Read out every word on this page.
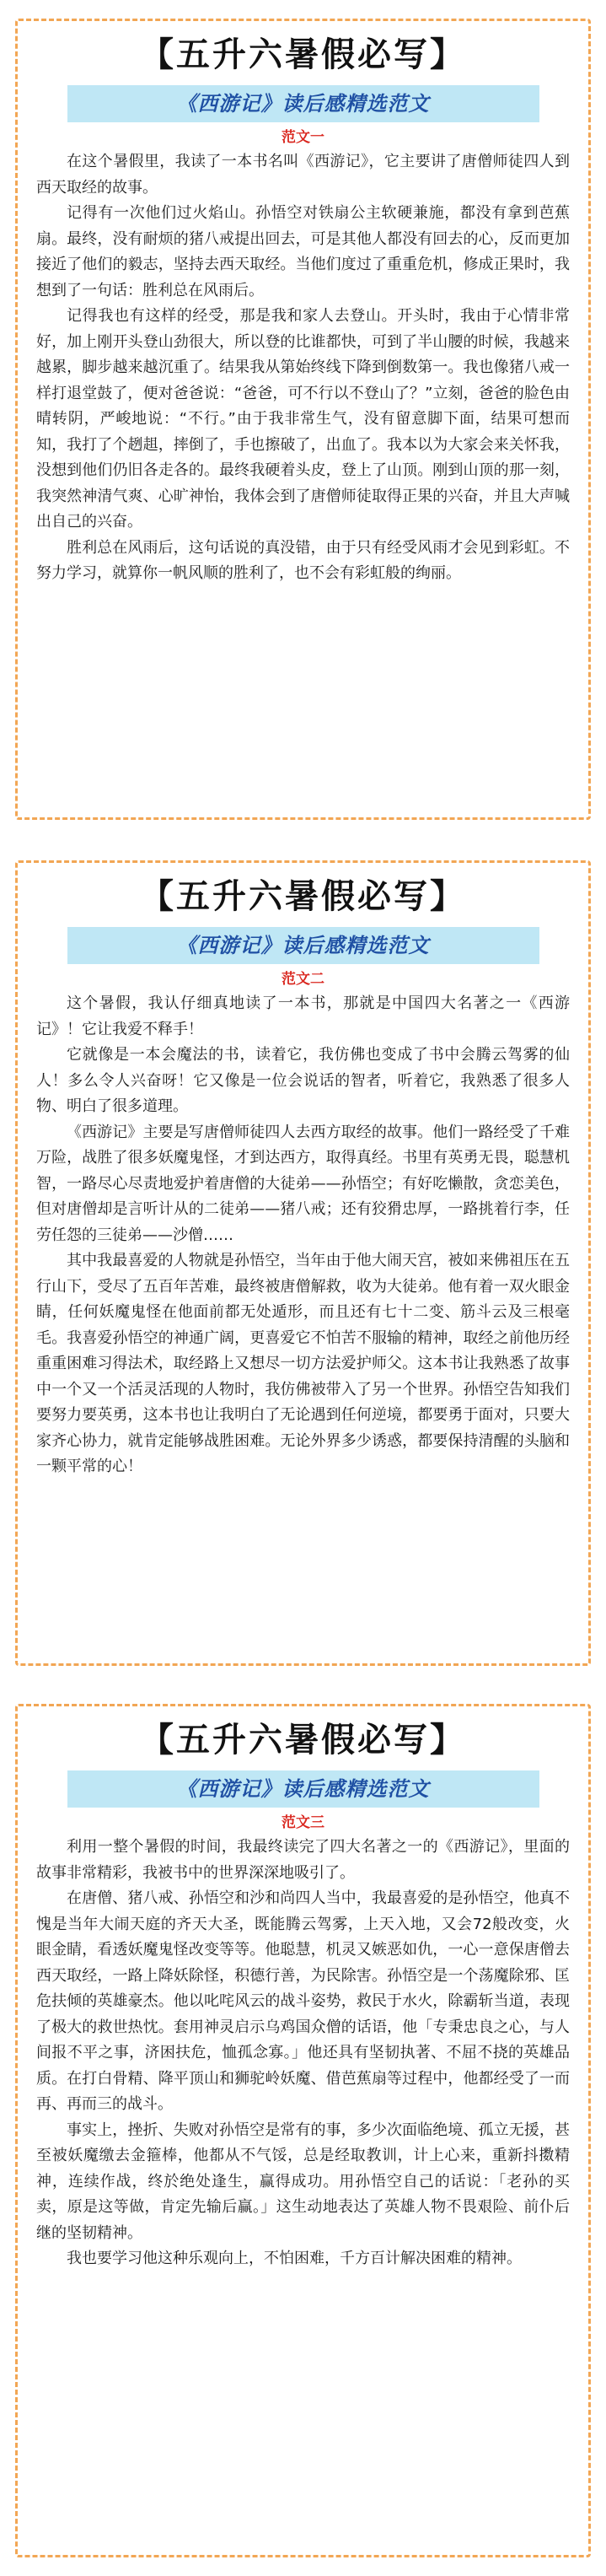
【五升六暑假必写】
《西游记》读后感精选范文
范文一

在这个暑假里，我读了一本书名叫《西游记》，它主要讲了唐僧师徒四人到西天取经的故事。

记得有一次他们过火焰山。孙悟空对铁扇公主软硬兼施，都没有拿到芭蕉扇。最终，没有耐烦的猪八戒提出回去，可是其他人都没有回去的心，反而更加接近了他们的毅志，坚持去西天取经。当他们度过了重重危机，修成正果时，我想到了一句话：胜利总在风雨后。

记得我也有这样的经受，那是我和家人去登山。开头时，我由于心情非常好，加上刚开头登山劲很大，所以登的比谁都快，可到了半山腰的时候，我越来越累，脚步越来越沉重了。结果我从第始终线下降到倒数第一。我也像猪八戒一样打退堂鼓了，便对爸爸说：“爸爸，可不行以不登山了？”立刻，爸爸的脸色由晴转阴，严峻地说：“不行。”由于我非常生气，没有留意脚下面，结果可想而知，我打了个趔趄，摔倒了，手也擦破了，出血了。我本以为大家会来关怀我，没想到他们仍旧各走各的。最终我硬着头皮，登上了山顶。刚到山顶的那一刻，我突然神清气爽、心旷神怡，我体会到了唐僧师徒取得正果的兴奋，并且大声喊出自己的兴奋。

胜利总在风雨后，这句话说的真没错，由于只有经受风雨才会见到彩虹。不努力学习，就算你一帆风顺的胜利了，也不会有彩虹般的绚丽。

【五升六暑假必写】
《西游记》读后感精选范文
范文二

这个暑假，我认仔细真地读了一本书，那就是中国四大名著之一《西游记》！它让我爱不释手！

它就像是一本会魔法的书，读着它，我仿佛也变成了书中会腾云驾雾的仙人！多么令人兴奋呀！它又像是一位会说话的智者，听着它，我熟悉了很多人物、明白了很多道理。

《西游记》主要是写唐僧师徒四人去西方取经的故事。他们一路经受了千难万险，战胜了很多妖魔鬼怪，才到达西方，取得真经。书里有英勇无畏，聪慧机智，一路尽心尽责地爱护着唐僧的大徒弟——孙悟空；有好吃懒散，贪恋美色，但对唐僧却是言听计从的二徒弟——猪八戒；还有狡猾忠厚，一路挑着行李，任劳任怨的三徒弟——沙僧……

其中我最喜爱的人物就是孙悟空，当年由于他大闹天宫，被如来佛祖压在五行山下，受尽了五百年苦难，最终被唐僧解救，收为大徒弟。他有着一双火眼金睛，任何妖魔鬼怪在他面前都无处遁形，而且还有七十二变、筋斗云及三根毫毛。我喜爱孙悟空的神通广阔，更喜爱它不怕苦不服输的精神，取经之前他历经重重困难习得法术，取经路上又想尽一切方法爱护师父。这本书让我熟悉了故事中一个又一个活灵活现的人物时，我仿佛被带入了另一个世界。孙悟空告知我们要努力要英勇，这本书也让我明白了无论遇到任何逆境，都要勇于面对，只要大家齐心协力，就肯定能够战胜困难。无论外界多少诱惑，都要保持清醒的头脑和一颗平常的心！

【五升六暑假必写】
《西游记》读后感精选范文
范文三

利用一整个暑假的时间，我最终读完了四大名著之一的《西游记》，里面的故事非常精彩，我被书中的世界深深地吸引了。

在唐僧、猪八戒、孙悟空和沙和尚四人当中，我最喜爱的是孙悟空，他真不愧是当年大闹天庭的齐天大圣，既能腾云驾雾，上天入地，又会72般改变，火眼金睛，看透妖魔鬼怪改变等等。他聪慧，机灵又嫉恶如仇，一心一意保唐僧去西天取经，一路上降妖除怪，积德行善，为民除害。孙悟空是一个荡魔除邪、匡危扶倾的英雄豪杰。他以叱咤风云的战斗姿势，救民于水火，除霸斩当道，表现了极大的救世热忱。套用神灵启示乌鸡国众僧的话语，他「专秉忠良之心，与人间报不平之事，济困扶危，恤孤念寡。」他还具有坚韧执著、不屈不挠的英雄品质。在打白骨精、降平顶山和狮驼岭妖魔、借芭蕉扇等过程中，他都经受了一而再、再而三的战斗。

事实上，挫折、失败对孙悟空是常有的事，多少次面临绝境、孤立无援，甚至被妖魔缴去金箍棒，他都从不气馁，总是经取教训，计上心来，重新抖擞精神，连续作战，终於绝处逢生，赢得成功。用孙悟空自己的话说：「老孙的买卖，原是这等做，肯定先输后赢。」这生动地表达了英雄人物不畏艰险、前仆后继的坚韧精神。

我也要学习他这种乐观向上，不怕困难，千方百计解决困难的精神。
